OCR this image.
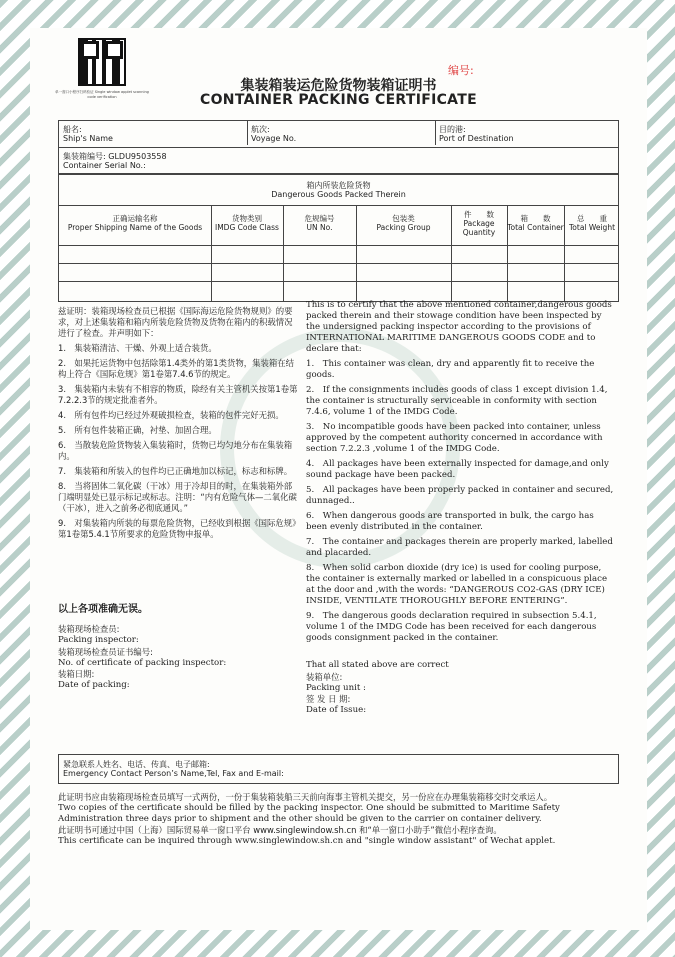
单一窗口小程序扫码验证 Single window applet scanning code verification
编号:
集装箱装运危险货物装箱证明书
CONTAINER PACKING CERTIFICATE
船名:
Ship's Name
航次:
Voyage No.
目的港:
Port of Destination
集装箱编号: GLDU9503558
Container Serial No.:
箱内所装危险货物
Dangerous Goods Packed Therein
正确运输名称
Proper Shipping Name of the Goods
货物类别
IMDG Code Class
危规编号
UN No.
包装类
Packing Group
件　　数
Package Quantity
箱　　数
Total Container
总　　重
Total Weight
兹证明：装箱现场检查员已根据《国际海运危险货物规则》的要求，对上述集装箱和箱内所装危险货物及货物在箱内的积载情况进行了检查。并声明如下：
1.　集装箱清洁、干燥、外观上适合装货。
2.　如果托运货物中包括除第1.4类外的第1类货物，集装箱在结构上符合《国际危规》第1卷第7.4.6节的规定。
3.　集装箱内未装有不相容的物质，除经有关主管机关按第1卷第7.2.2.3节的规定批准者外。
4.　所有包件均已经过外观破损检查，装箱的包件完好无损。
5.　所有包件装箱正确，衬垫、加固合理。
6.　当散装危险货物装入集装箱时，货物已均匀地分布在集装箱内。
7.　集装箱和所装入的包件均已正确地加以标记，标志和标牌。
8.　当将固体二氧化碳（干冰）用于冷却目的时，在集装箱外部门端明显处已显示标记或标志。注明：“内有危险气体—二氧化碳（干冰），进入之前务必彻底通风。”
9.　对集装箱内所装的每票危险货物，已经收到根据《国际危规》第1卷第5.4.1节所要求的危险货物申报单。
以上各项准确无误。
装箱现场检查员:
Packing inspector:
装箱现场检查员证书编号:
No. of certificate of packing inspector:
装箱日期:
Date of packing:
This is to certify that the above mentioned container,dangerous goods packed therein and their stowage condition have been inspected by the undersigned packing inspector according to the provisions of INTERNATIONAL MARITIME DANGEROUS GOODS CODE and to declare that:
1.　This container was clean, dry and apparently fit to receive the goods.
2.　If the consignments includes goods of class 1 except division 1.4, the container is structurally serviceable in conformity with section 7.4.6, volume 1 of the IMDG Code.
3.　No incompatible goods have been packed into container, unless approved by the competent authority concerned in accordance with section 7.2.2.3 ,volume 1 of the IMDG Code.
4.　All packages have been externally inspected for damage,and only sound package have been packed.
5.　All packages have been properly packed in container and secured, dunnaged..
6.　When dangerous goods are transported in bulk, the cargo has been evenly distributed in the container.
7.　The container and packages therein are properly marked, labelled and placarded.
8.　When solid carbon dioxide (dry ice) is used for cooling purpose, the container is externally marked or labelled in a conspicuous place at the door and ,with the words: “DANGEROUS CO2-GAS (DRY ICE) INSIDE, VENTILATE THOROUGHLY BEFORE ENTERING”.
9.　The dangerous goods declaration required in subsection 5.4.1, volume 1 of the IMDG Code has been received for each dangerous goods consignment packed in the container.
That all stated above are correct
装箱单位:
Packing unit :
签 发 日 期:
Date of Issue:
紧急联系人姓名、电话、传真、电子邮箱:
Emergency Contact Person’s Name,Tel, Fax and E-mail:
此证明书应由装箱现场检查员填写一式两份，一份于集装箱装船三天前向海事主管机关提交，另一份应在办理集装箱移交时交承运人。
Two copies of the certificate should be filled by the packing inspector. One should be submitted to Maritime Safety Administration three days prior to shipment and the other should be given to the carrier on container delivery.
此证明书可通过中国（上海）国际贸易单一窗口平台 www.singlewindow.sh.cn 和“单一窗口小助手”微信小程序查询。
This certificate can be inquired through www.singlewindow.sh.cn and "single window assistant" of Wechat applet.
